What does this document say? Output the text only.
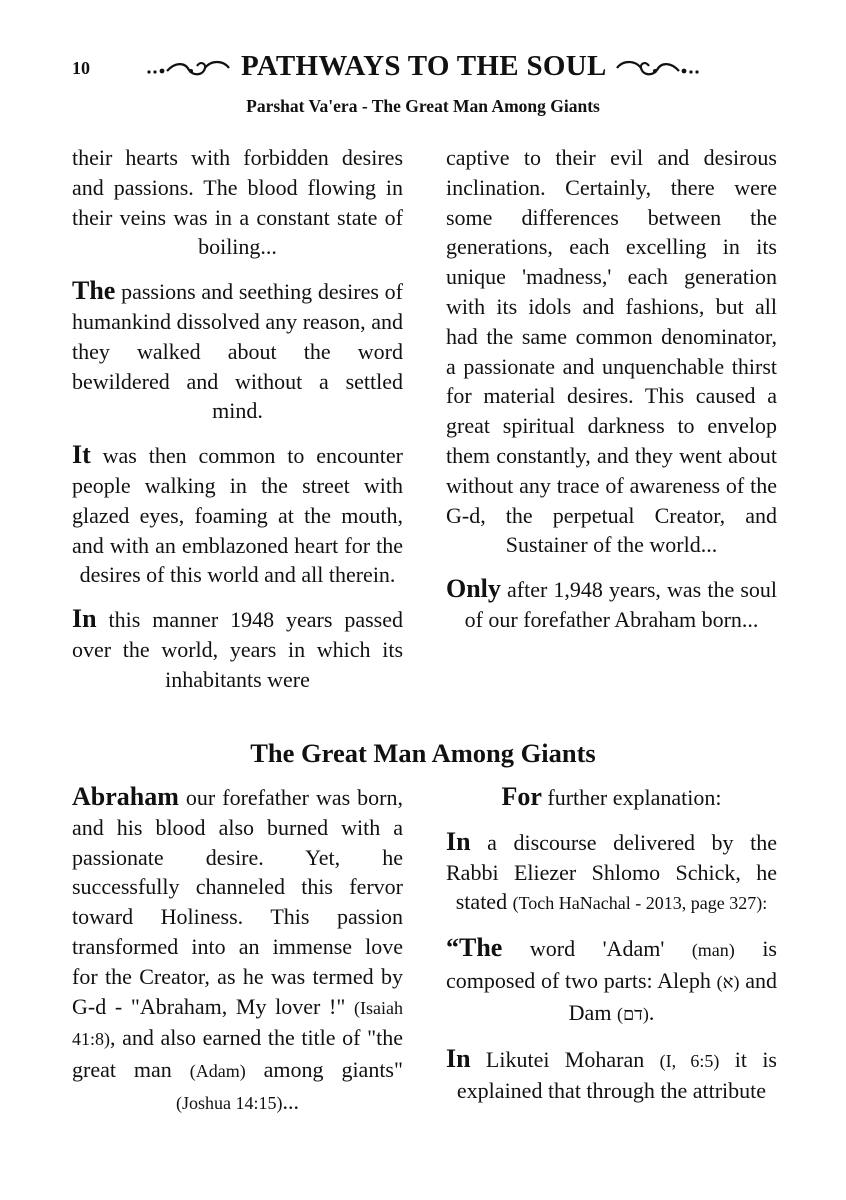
10	PATHWAYS TO THE SOUL
Parshat Va'era - The Great Man Among Giants

their hearts with forbidden desires and passions. The blood flowing in their veins was in a constant state of boiling...

The passions and seething desires of humankind dissolved any reason, and they walked about the word bewildered and without a settled mind.

It was then common to encounter people walking in the street with glazed eyes, foaming at the mouth, and with an emblazoned heart for the desires of this world and all therein.

In this manner 1948 years passed over the world, years in which its inhabitants were

captive to their evil and desirous inclination. Certainly, there were some differences between the generations, each excelling in its unique 'madness,' each generation with its idols and fashions, but all had the same common denominator, a passionate and unquenchable thirst for material desires. This caused a great spiritual darkness to envelop them constantly, and they went about without any trace of awareness of the G-d, the perpetual Creator, and Sustainer of the world...

Only after 1,948 years, was the soul of our forefather Abraham born...

The Great Man Among Giants

Abraham our forefather was born, and his blood also burned with a passionate desire. Yet, he successfully channeled this fervor toward Holiness. This passion transformed into an immense love for the Creator, as he was termed by G-d - "Abraham, My lover !" (Isaiah 41:8), and also earned the title of "the great man (Adam) among giants" (Joshua 14:15)...

For further explanation:

In a discourse delivered by the Rabbi Eliezer Shlomo Schick, he stated (Toch HaNachal - 2013, page 327):

“The word 'Adam' (man) is composed of two parts: Aleph (א) and Dam (דם).

In Likutei Moharan (I, 6:5) it is explained that through the attribute
